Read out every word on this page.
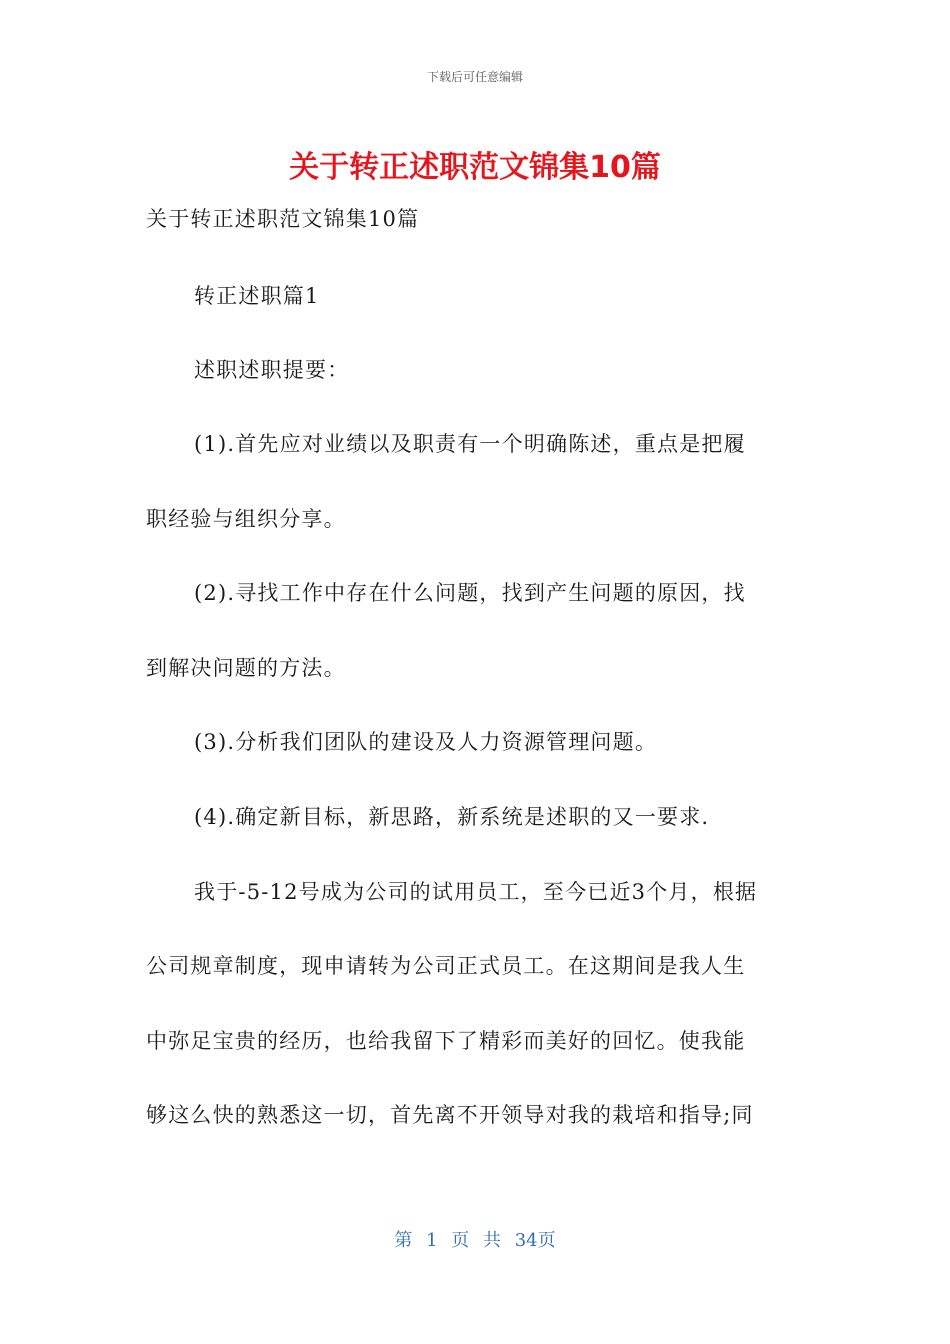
下载后可任意编辑
关于转正述职范文锦集10篇
关于转正述职范文锦集10篇
转正述职篇1
述职述职提要：
(1).首先应对业绩以及职责有一个明确陈述，重点是把履
职经验与组织分享。
(2).寻找工作中存在什么问题，找到产生问题的原因，找
到解决问题的方法。
(3).分析我们团队的建设及人力资源管理问题。
(4).确定新目标，新思路，新系统是述职的又一要求.
我于-5-12号成为公司的试用员工，至今已近3个月，根据
公司规章制度，现申请转为公司正式员工。在这期间是我人生
中弥足宝贵的经历，也给我留下了精彩而美好的回忆。使我能
够这么快的熟悉这一切，首先离不开领导对我的栽培和指导;同
第 1 页 共 34页
